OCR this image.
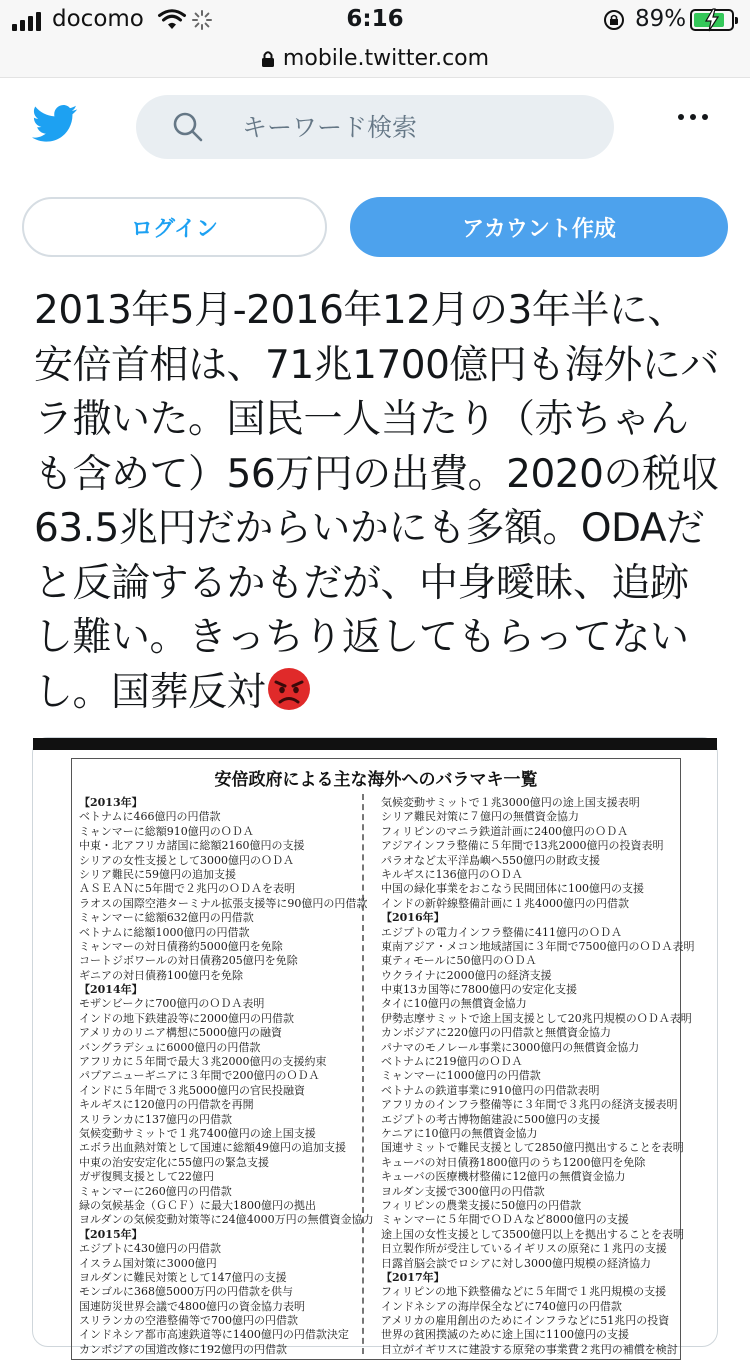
docomo	6:16	89%
mobile.twitter.com
キーワード検索
ログイン	アカウント作成
2013年5月-2016年12月の3年半に、安倍首相は、71兆1700億円も海外にバラ撒いた。国民一人当たり（赤ちゃんも含めて）56万円の出費。2020の税収63.5兆円だからいかにも多額。ODAだと反論するかもだが、中身曖昧、追跡し難い。きっちり返してもらってないし。国葬反対
安倍政府による主な海外へのバラマキ一覧
【2013年】
ベトナムに466億円の円借款
ミャンマーに総額910億円のＯＤＡ
中東・北アフリカ諸国に総額2160億円の支援
シリアの女性支援として3000億円のＯＤＡ
シリア難民に59億円の追加支援
ＡＳＥＡＮに5年間で２兆円のＯＤＡを表明
ラオスの国際空港ターミナル拡張支援等に90億円の円借款
ミャンマーに総額632億円の円借款
ベトナムに総額1000億円の円借款
ミャンマーの対日債務約5000億円を免除
コートジボワールの対日債務205億円を免除
ギニアの対日債務100億円を免除
【2014年】
モザンビークに700億円のＯＤＡ表明
インドの地下鉄建設等に2000億円の円借款
アメリカのリニア構想に5000億円の融資
バングラデシュに6000億円の円借款
アフリカに５年間で最大３兆2000億円の支援約束
パプアニューギニアに３年間で200億円のＯＤＡ
インドに５年間で３兆5000億円の官民投融資
キルギスに120億円の円借款を再開
スリランカに137億円の円借款
気候変動サミットで１兆7400億円の途上国支援
エボラ出血熱対策として国連に総額49億円の追加支援
中東の治安安定化に55億円の緊急支援
ガザ復興支援として22億円
ミャンマーに260億円の円借款
緑の気候基金（ＧＣＦ）に最大1800億円の拠出
ヨルダンの気候変動対策等に24億4000万円の無償資金協力
【2015年】
エジプトに430億円の円借款
イスラム国対策に3000億円
ヨルダンに難民対策として147億円の支援
モンゴルに368億5000万円の円借款を供与
国連防災世界会議で4800億円の資金協力表明
スリランカの空港整備等で700億円の円借款
インドネシア都市高速鉄道等に1400億円の円借款決定
カンボジアの国道改修に192億円の円借款
気候変動サミットで１兆3000億円の途上国支援表明
シリア難民対策に７億円の無償資金協力
フィリピンのマニラ鉄道計画に2400億円のＯＤＡ
アジアインフラ整備に５年間で13兆2000億円の投資表明
パラオなど太平洋島嶼へ550億円の財政支援
キルギスに136億円のＯＤＡ
中国の緑化事業をおこなう民間団体に100億円の支援
インドの新幹線整備計画に１兆4000億円の円借款
【2016年】
エジプトの電力インフラ整備に411億円のＯＤＡ
東南アジア・メコン地域諸国に３年間で7500億円のＯＤＡ表明
東ティモールに50億円のＯＤＡ
ウクライナに2000億円の経済支援
中東13カ国等に7800億円の安定化支援
タイに10億円の無償資金協力
伊勢志摩サミットで途上国支援として20兆円規模のＯＤＡ表明
カンボジアに220億円の円借款と無償資金協力
パナマのモノレール事業に3000億円の無償資金協力
ベトナムに219億円のＯＤＡ
ミャンマーに1000億円の円借款
ベトナムの鉄道事業に910億円の円借款表明
アフリカのインフラ整備等に３年間で３兆円の経済支援表明
エジプトの考古博物館建設に500億円の支援
ケニアに10億円の無償資金協力
国連サミットで難民支援として2850億円拠出することを表明
キューバの対日債務1800億円のうち1200億円を免除
キューバの医療機材整備に12億円の無償資金協力
ヨルダン支援で300億円の円借款
フィリピンの農業支援に50億円の円借款
ミャンマーに５年間でＯＤＡなど8000億円の支援
途上国の女性支援として3500億円以上を拠出することを表明
日立製作所が受注しているイギリスの原発に１兆円の支援
日露首脳会談でロシアに対し3000億円規模の経済協力
【2017年】
フィリピンの地下鉄整備などに５年間で１兆円規模の支援
インドネシアの海岸保全などに740億円の円借款
アメリカの雇用創出のためにインフラなどに51兆円の投資
世界の貧困撲滅のために途上国に1100億円の支援
日立がイギリスに建設する原発の事業費２兆円の補償を検討
